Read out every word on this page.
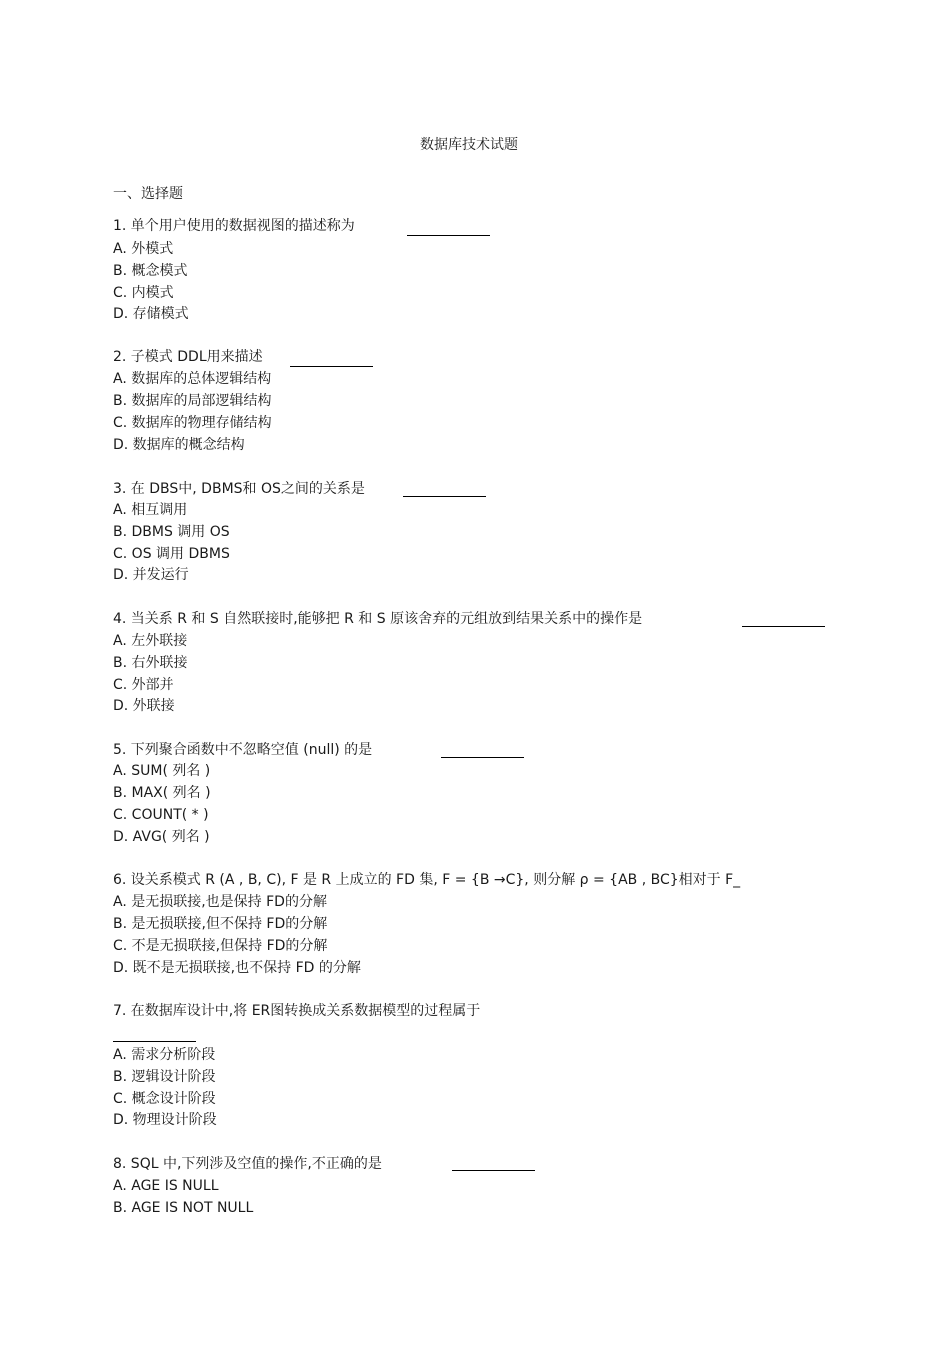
数据库技术试题
一、选择题
1. 单个用户使用的数据视图的描述称为
A. 外模式
B. 概念模式
C. 内模式
D. 存储模式
2. 子模式 DDL用来描述
A. 数据库的总体逻辑结构
B. 数据库的局部逻辑结构
C. 数据库的物理存储结构
D. 数据库的概念结构
3. 在 DBS中, DBMS和 OS之间的关系是
A. 相互调用
B. DBMS 调用 OS
C. OS 调用 DBMS
D. 并发运行
4. 当关系 R 和 S 自然联接时,能够把 R 和 S 原该舍弃的元组放到结果关系中的操作是
A. 左外联接
B. 右外联接
C. 外部并
D. 外联接
5. 下列聚合函数中不忽略空值 (null) 的是
A. SUM( 列名 )
B. MAX( 列名 )
C. COUNT( * )
D. AVG( 列名 )
6. 设关系模式 R (A , B, C), F 是 R 上成立的 FD 集, F = {B →C}, 则分解 ρ = {AB , BC}相对于 F_
A. 是无损联接,也是保持 FD的分解
B. 是无损联接,但不保持 FD的分解
C. 不是无损联接,但保持 FD的分解
D. 既不是无损联接,也不保持 FD 的分解
7. 在数据库设计中,将 ER图转换成关系数据模型的过程属于
A. 需求分析阶段
B. 逻辑设计阶段
C. 概念设计阶段
D. 物理设计阶段
8. SQL 中,下列涉及空值的操作,不正确的是
A. AGE IS NULL
B. AGE IS NOT NULL
